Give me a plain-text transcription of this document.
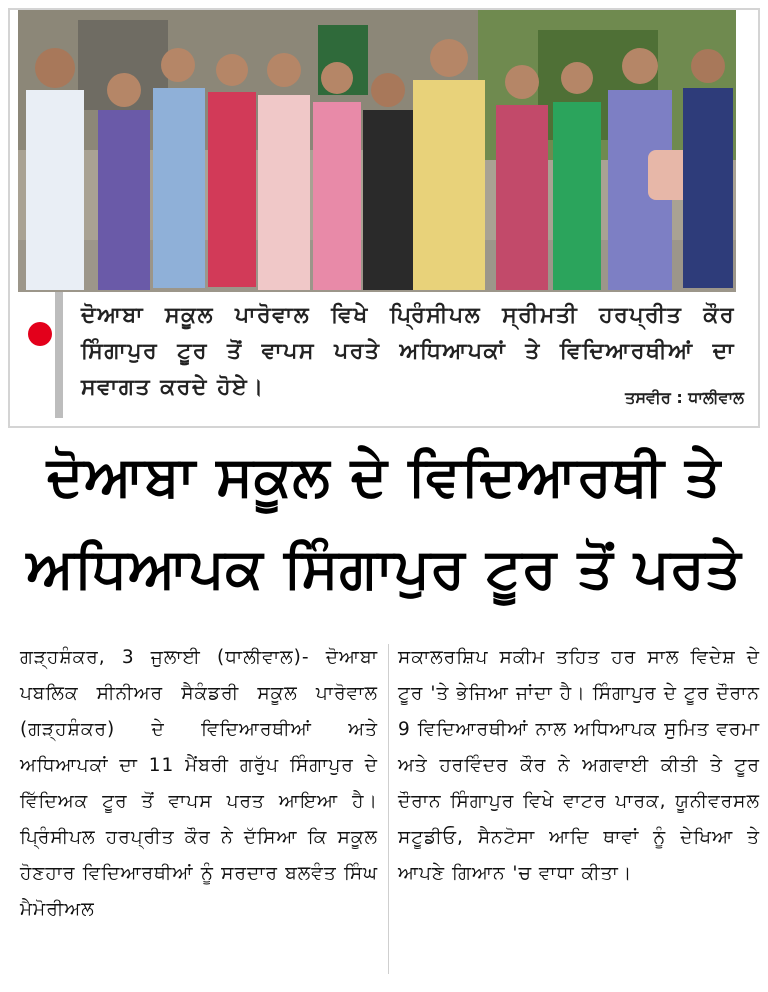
ਦੋਆਬਾ ਸਕੂਲ ਪਾਰੋਵਾਲ ਵਿਖੇ ਪ੍ਰਿੰਸੀਪਲ ਸ੍ਰੀਮਤੀ ਹਰਪ੍ਰੀਤ ਕੌਰ ਸਿੰਗਾਪੁਰ ਟੂਰ ਤੋਂ ਵਾਪਸ ਪਰਤੇ ਅਧਿਆਪਕਾਂ ਤੇ ਵਿਦਿਆਰਥੀਆਂ ਦਾ ਸਵਾਗਤ ਕਰਦੇ ਹੋਏ।	ਤਸਵੀਰ : ਧਾਲੀਵਾਲ
ਦੋਆਬਾ ਸਕੂਲ ਦੇ ਵਿਦਿਆਰਥੀ ਤੇ
ਅਧਿਆਪਕ ਸਿੰਗਾਪੁਰ ਟੂਰ ਤੋਂ ਪਰਤੇ

ਗੜ੍ਹਸ਼ੰਕਰ, 3 ਜੁਲਾਈ (ਧਾਲੀਵਾਲ)- ਦੋਆਬਾ ਪਬਲਿਕ ਸੀਨੀਅਰ ਸੈਕੰਡਰੀ ਸਕੂਲ ਪਾਰੋਵਾਲ (ਗੜ੍ਹਸ਼ੰਕਰ) ਦੇ ਵਿਦਿਆਰਥੀਆਂ ਅਤੇ ਅਧਿਆਪਕਾਂ ਦਾ 11 ਮੈਂਬਰੀ ਗਰੁੱਪ ਸਿੰਗਾਪੁਰ ਦੇ ਵਿੱਦਿਅਕ ਟੂਰ ਤੋਂ ਵਾਪਸ ਪਰਤ ਆਇਆ ਹੈ। ਪ੍ਰਿੰਸੀਪਲ ਹਰਪ੍ਰੀਤ ਕੌਰ ਨੇ ਦੱਸਿਆ ਕਿ ਸਕੂਲ ਹੋਣਹਾਰ ਵਿਦਿਆਰਥੀਆਂ ਨੂੰ ਸਰਦਾਰ ਬਲਵੰਤ ਸਿੰਘ ਮੈਮੋਰੀਅਲ

ਸਕਾਲਰਸ਼ਿਪ ਸਕੀਮ ਤਹਿਤ ਹਰ ਸਾਲ ਵਿਦੇਸ਼ ਦੇ ਟੂਰ 'ਤੇ ਭੇਜਿਆ ਜਾਂਦਾ ਹੈ। ਸਿੰਗਾਪੁਰ ਦੇ ਟੂਰ ਦੌਰਾਨ 9 ਵਿਦਿਆਰਥੀਆਂ ਨਾਲ ਅਧਿਆਪਕ ਸੁਮਿਤ ਵਰਮਾ ਅਤੇ ਹਰਵਿੰਦਰ ਕੌਰ ਨੇ ਅਗਵਾਈ ਕੀਤੀ ਤੇ ਟੂਰ ਦੌਰਾਨ ਸਿੰਗਾਪੁਰ ਵਿਖੇ ਵਾਟਰ ਪਾਰਕ, ਯੂਨੀਵਰਸਲ ਸਟੂਡੀਓ, ਸੈਨਟੋਸਾ ਆਦਿ ਥਾਵਾਂ ਨੂੰ ਦੇਖਿਆ ਤੇ ਆਪਣੇ ਗਿਆਨ 'ਚ ਵਾਧਾ ਕੀਤਾ।
